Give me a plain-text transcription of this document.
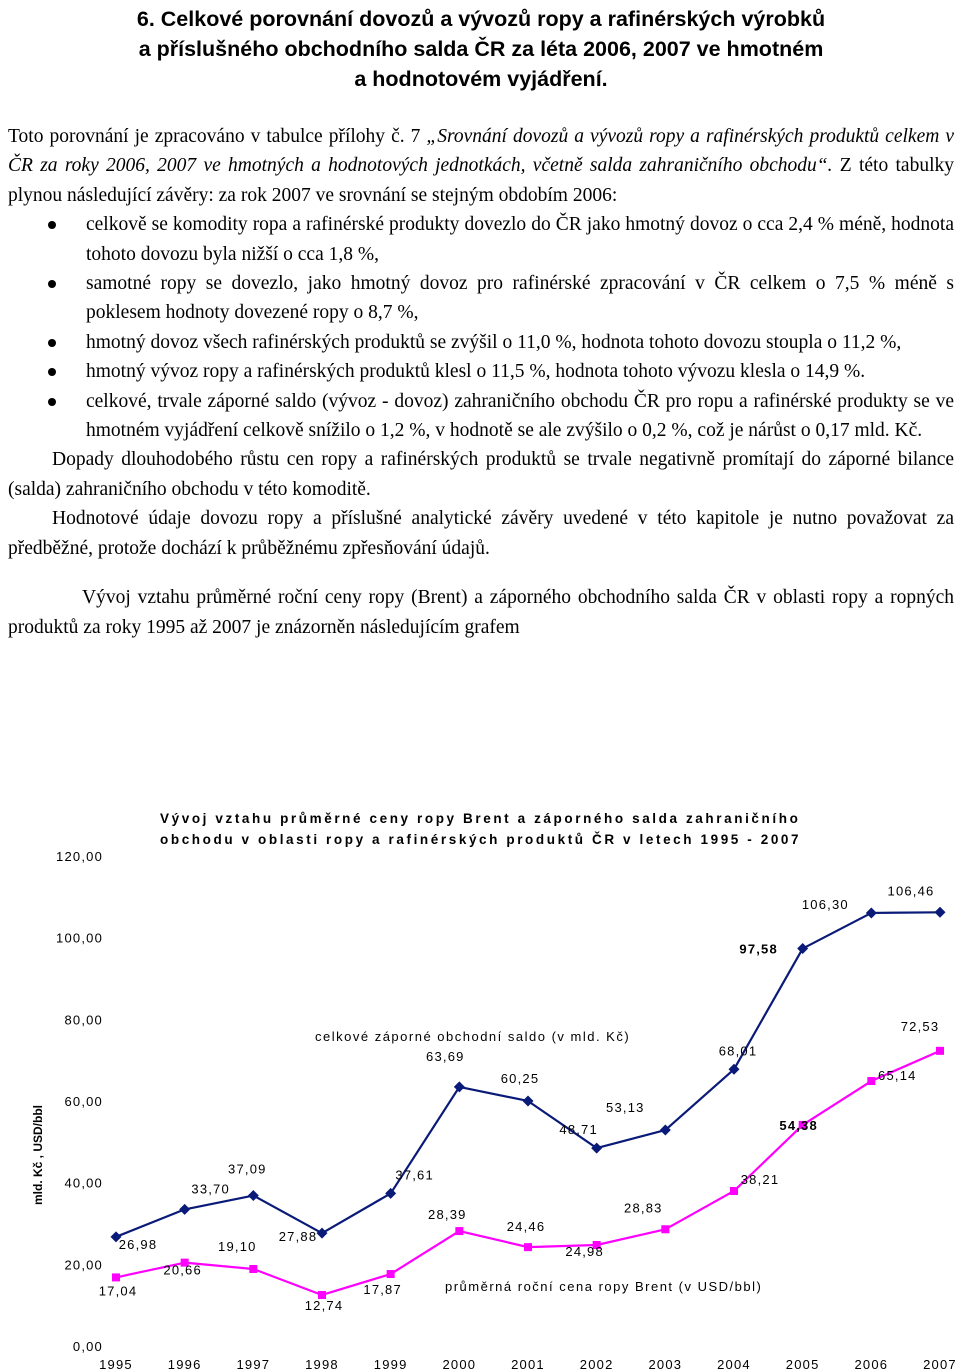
6. Celkové porovnání dovozů a vývozů ropy a rafinérských výrobků
a příslušného obchodního salda ČR za léta 2006, 2007 ve hmotném
a hodnotovém vyjádření.

Toto porovnání je zpracováno v tabulce přílohy č. 7 „Srovnání dovozů a vývozů ropy a rafinérských produktů celkem v ČR za roky 2006, 2007 ve hmotných a hodnotových jednotkách, včetně salda zahraničního obchodu“. Z této tabulky plynou následující závěry: za rok 2007 ve srovnání se stejným obdobím 2006:

celkově se komodity ropa a rafinérské produkty dovezlo do ČR jako hmotný dovoz o cca 2,4 % méně, hodnota tohoto dovozu byla nižší o cca 1,8 %,
samotné ropy se dovezlo, jako hmotný dovoz pro rafinérské zpracování v ČR celkem o 7,5 % méně s poklesem hodnoty dovezené ropy o 8,7 %,
hmotný dovoz všech rafinérských produktů se zvýšil o 11,0 %, hodnota tohoto dovozu stoupla o 11,2 %,
hmotný vývoz ropy a rafinérských produktů klesl o 11,5 %, hodnota tohoto vývozu klesla o 14,9 %.
celkové, trvale záporné saldo (vývoz - dovoz) zahraničního obchodu ČR pro ropu a rafinérské produkty se ve hmotném vyjádření celkově snížilo o 1,2 %, v hodnotě se ale zvýšilo o 0,2 %, což je nárůst o 0,17 mld. Kč.

Dopady dlouhodobého růstu cen ropy a rafinérských produktů se trvale negativně promítají do záporné bilance (salda) zahraničního obchodu v této komoditě.

Hodnotové údaje dovozu ropy a příslušné analytické závěry uvedené v této kapitole je nutno považovat za předběžné, protože dochází k průběžnému zpřesňování údajů.

Vývoj vztahu průměrné roční ceny ropy (Brent) a záporného obchodního salda ČR v oblasti ropy a ropných produktů za roky 1995 až 2007 je znázorněn následujícím grafem

Vývoj vztahu průměrné ceny ropy Brent a záporného salda zahraničního
obchodu v oblasti ropy a rafinérských produktů ČR v letech 1995 - 2007
mld. Kč , USD/bbl
celkové záporné obchodní saldo (v mld. Kč)
průměrná roční cena ropy Brent (v USD/bbl)
0,00
20,00
40,00
60,00
80,00
100,00
120,00
1995	1996	1997	1998	1999	2000	2001	2002	2003	2004	2005	2006	2007
26,98
33,70
37,09
27,88
37,61
63,69
60,25
48,71
53,13
68,01
97,58
106,30
106,46
17,04
20,66
19,10
12,74
17,87
28,39
24,46
24,98
28,83
38,21
54,38
65,14
72,53
